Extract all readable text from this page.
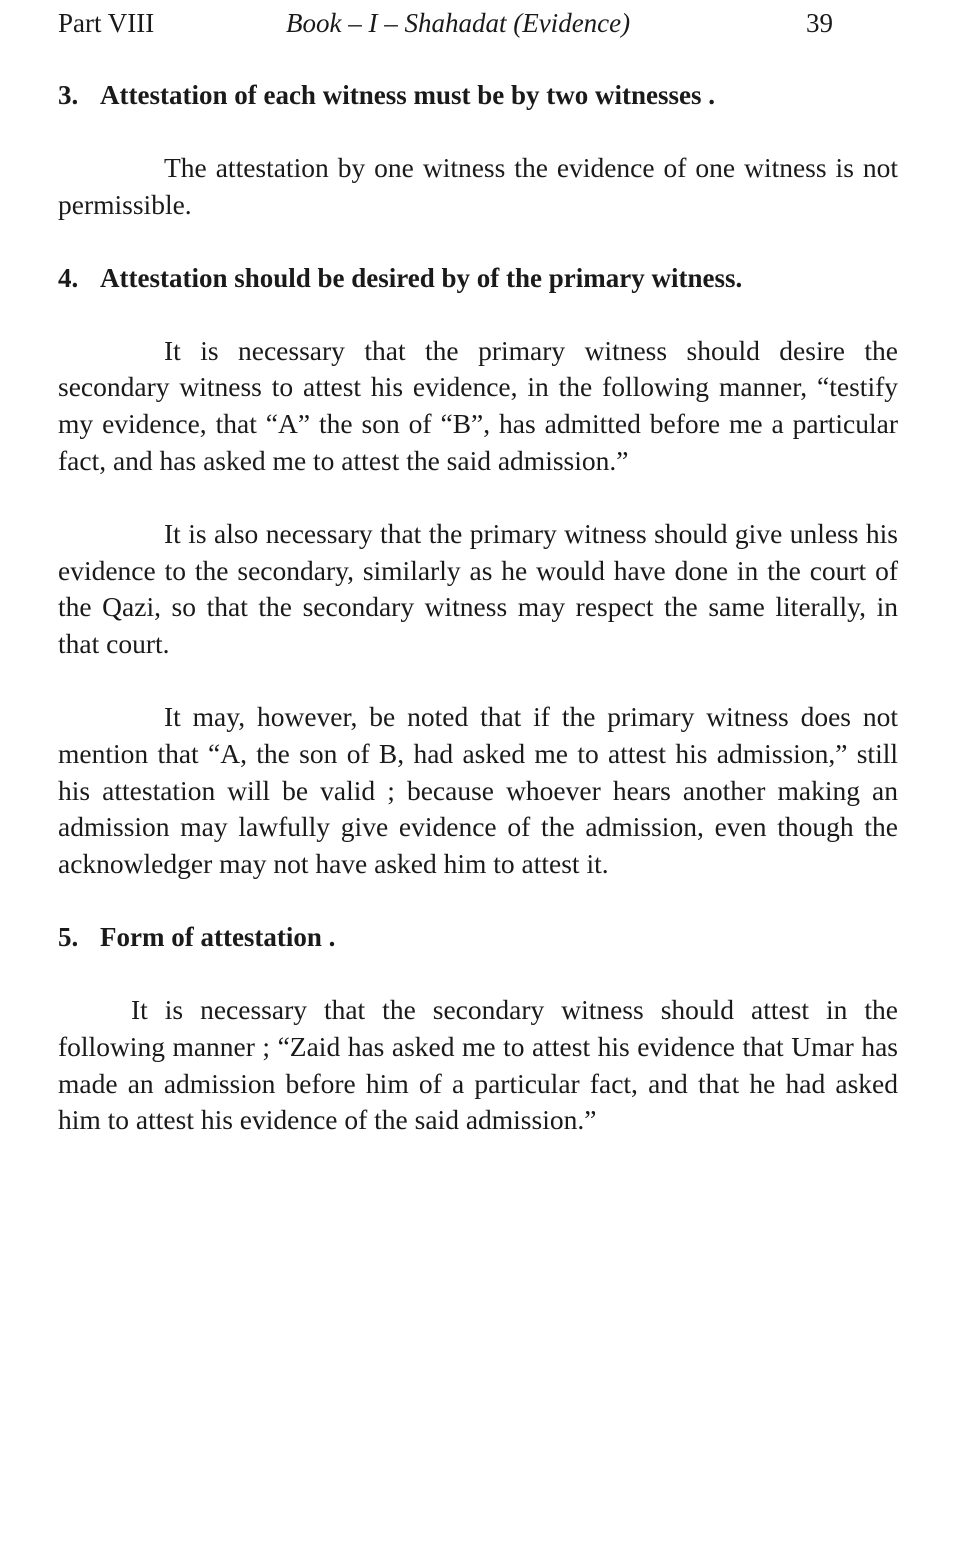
Part VIII	Book – I – Shahadat (Evidence)	39
3. Attestation of each witness must be by two witnesses .

The attestation by one witness the evidence of one witness is not permissible.

4. Attestation should be desired by of the primary witness.

It is necessary that the primary witness should desire the secondary witness to attest his evidence, in the following manner, “testify my evidence, that “A” the son of “B”, has admitted before me a particular fact, and has asked me to attest the said admission.”

It is also necessary that the primary witness should give unless his evidence to the secondary, similarly as he would have done in the court of the Qazi, so that the secondary witness may respect the same literally, in that court.

It may, however, be noted that if the primary witness does not mention that “A, the son of B, had asked me to attest his admission,” still his attestation will be valid ; because whoever hears another making an admission may lawfully give evidence of the admission, even though the acknowledger may not have asked him to attest it.

5. Form of attestation .

It is necessary that the secondary witness should attest in the following manner ; “Zaid has asked me to attest his evidence that Umar has made an admission before him of a particular fact, and that he had asked him to attest his evidence of the said admission.”
